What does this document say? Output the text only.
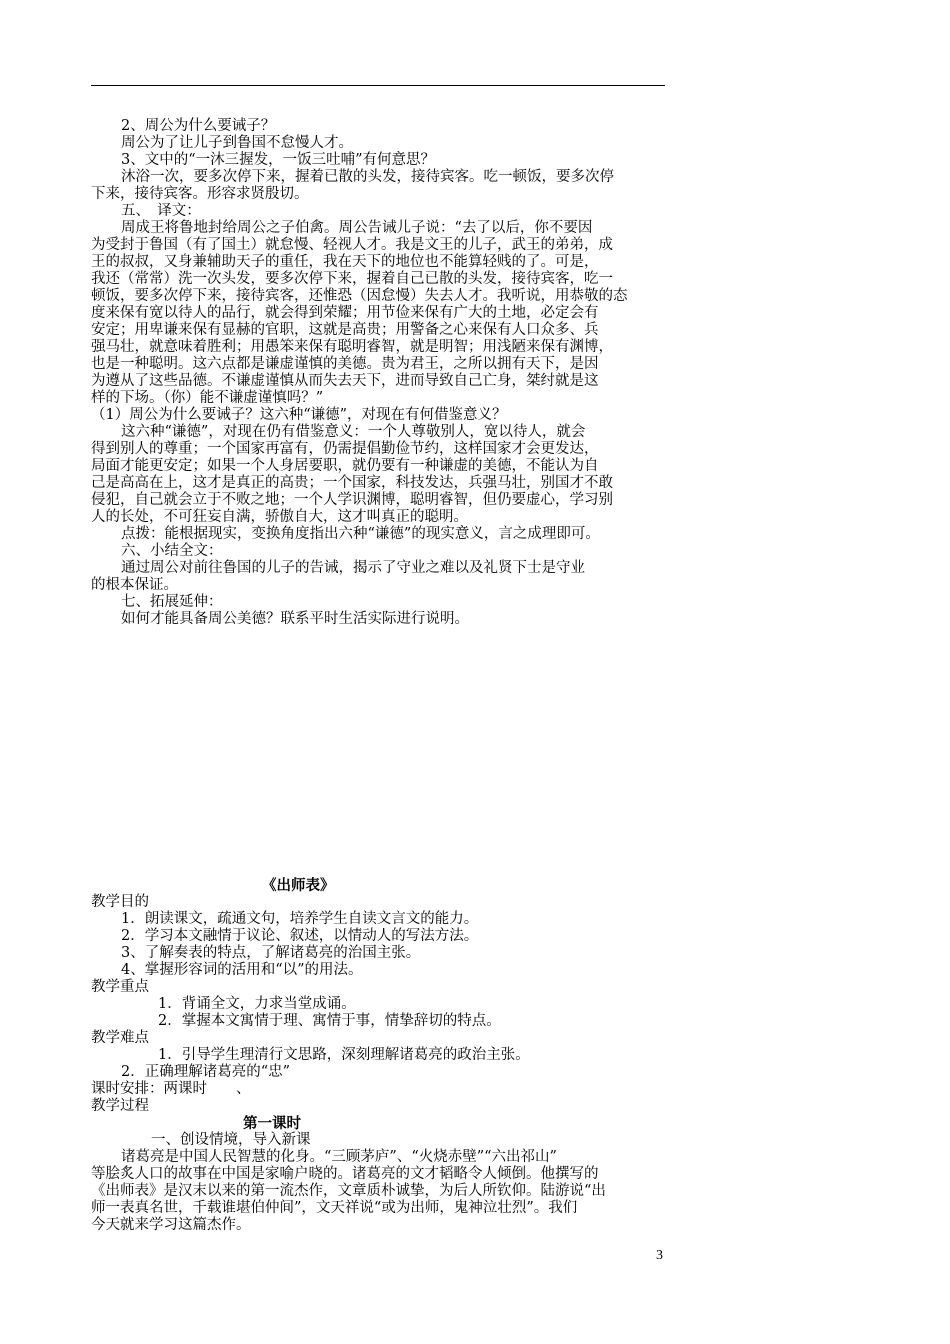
2、周公为什么要诫子？
周公为了让儿子到鲁国不怠慢人才。
3、文中的“一沐三握发，一饭三吐哺”有何意思？
沐浴一次，要多次停下来，握着已散的头发，接待宾客。吃一顿饭，要多次停
下来，接待宾客。形容求贤殷切。
五、　译文：
周成王将鲁地封给周公之子伯禽。周公告诫儿子说：“去了以后，你不要因
为受封于鲁国（有了国土）就怠慢、轻视人才。我是文王的儿子，武王的弟弟，成
王的叔叔，又身兼辅助天子的重任，我在天下的地位也不能算轻贱的了。可是，
我还（常常）洗一次头发，要多次停下来，握着自己已散的头发，接待宾客，吃一
顿饭，要多次停下来，接待宾客，还惟恐（因怠慢）失去人才。我听说，用恭敬的态
度来保有宽以待人的品行，就会得到荣耀；用节俭来保有广大的土地，必定会有
安定；用卑谦来保有显赫的官职，这就是高贵；用警备之心来保有人口众多、兵
强马壮，就意味着胜利；用愚笨来保有聪明睿智，就是明智；用浅陋来保有渊博，
也是一种聪明。这六点都是谦虚谨慎的美德。贵为君王，之所以拥有天下，是因
为遵从了这些品德。不谦虚谨慎从而失去天下，进而导致自己亡身，桀纣就是这
样的下场。（你）能不谦虚谨慎吗？”
（1）周公为什么要诫子？这六种“谦德”，对现在有何借鉴意义？
这六种“谦德”，对现在仍有借鉴意义：一个人尊敬别人，宽以待人，就会
得到别人的尊重；一个国家再富有，仍需提倡勤俭节约，这样国家才会更发达，
局面才能更安定；如果一个人身居要职，就仍要有一种谦虚的美德，不能认为自
己是高高在上，这才是真正的高贵；一个国家，科技发达，兵强马壮，别国才不敢
侵犯，自己就会立于不败之地；一个人学识渊博，聪明睿智，但仍要虚心，学习别
人的长处，不可狂妄自满，骄傲自大，这才叫真正的聪明。
点拨：能根据现实，变换角度指出六种“谦德”的现实意义，言之成理即可。
六、小结全文：
通过周公对前往鲁国的儿子的告诫，揭示了守业之难以及礼贤下士是守业
的根本保证。
七、拓展延伸：
如何才能具备周公美德？联系平时生活实际进行说明。
《出师表》
教学目的
1．朗读课文，疏通文句，培养学生自读文言文的能力。
2．学习本文融情于议论、叙述，以情动人的写法方法。
3、了解奏表的特点，了解诸葛亮的治国主张。
4、掌握形容词的活用和“以”的用法。
教学重点
1．背诵全文，力求当堂成诵。
2．掌握本文寓情于理、寓情于事，情挚辞切的特点。
教学难点
1．引导学生理清行文思路，深刻理解诸葛亮的政治主张。
2．正确理解诸葛亮的“忠”
课时安排：两课时　　、
教学过程
第一课时
一、创设情境，导入新课
诸葛亮是中国人民智慧的化身。“三顾茅庐”、“火烧赤壁”“六出祁山”
等脍炙人口的故事在中国是家喻户晓的。诸葛亮的文才韬略令人倾倒。他撰写的
《出师表》是汉末以来的第一流杰作，文章质朴诚挚，为后人所钦仰。陆游说“出
师一表真名世，千载谁堪伯仲间”，文天祥说“或为出师，鬼神泣壮烈”。我们
今天就来学习这篇杰作。
3
